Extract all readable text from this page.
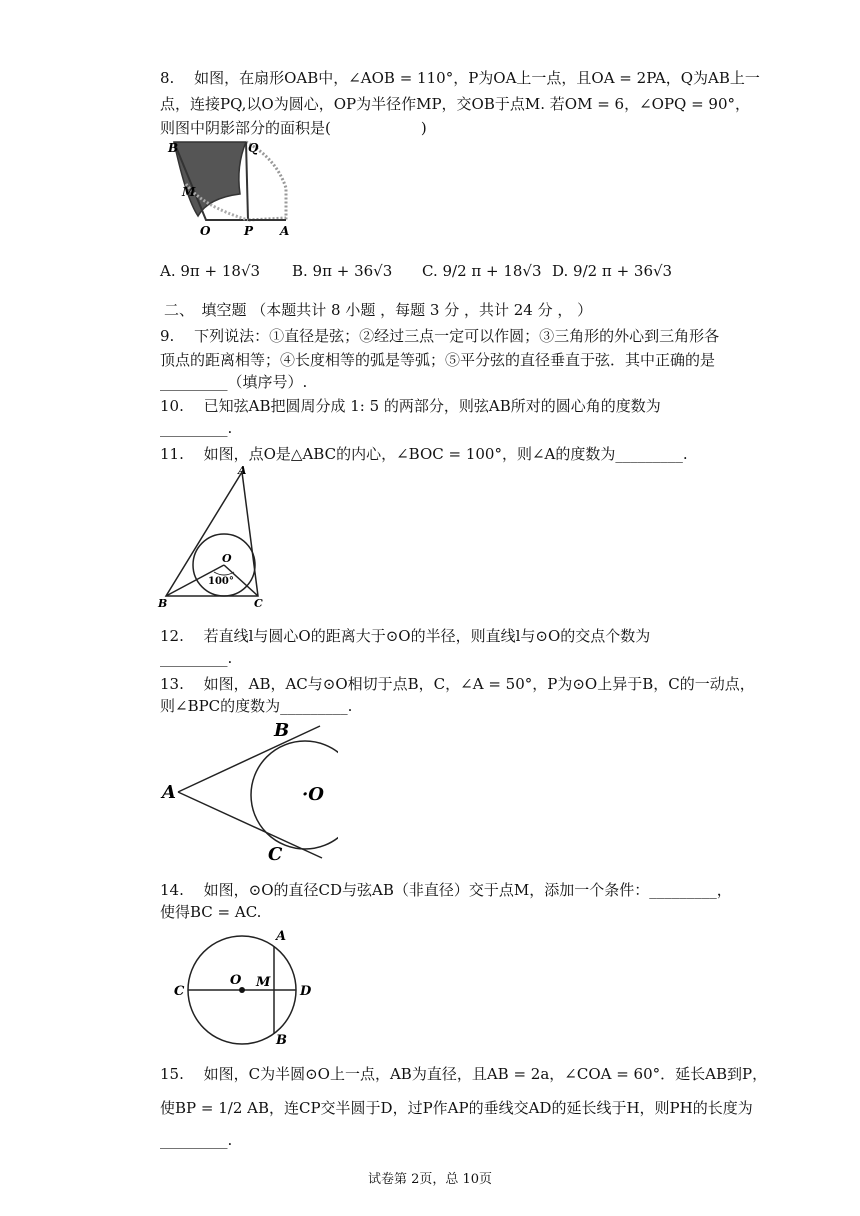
8.　 如图，在扇形OAB中，∠AOB = 110°，P为OA上一点，且OA = 2PA，Q为AB上一
点，连接PQ,以O为圆心，OP为半径作MP，交OB于点M. 若OM = 6，∠OPQ = 90°，
则图中阴影部分的面积是(　　　　　　)
B	Q
M
O	P A
A. 9π + 18√3 B. 9π + 36√3 C. 9/2 π + 18√3 D. 9/2 π + 36√3
二、　填空题 （本题共计 8 小题 ，每题 3 分 ，共计 24 分 ， ）
9.　 下列说法：①直径是弦；②经过三点一定可以作圆；③三角形的外心到三角形各
顶点的距离相等；④长度相等的弧是等弧；⑤平分弦的直径垂直于弦．其中正确的是
_________（填序号）.
10.　 已知弦AB把圆周分成 1: 5 的两部分，则弦AB所对的圆心角的度数为
_________.
11.　 如图，点O是△ABC的内心，∠BOC = 100°，则∠A的度数为_________.
A
B	C
O
100°
12.　 若直线l与圆心O的距离大于⊙O的半径，则直线l与⊙O的交点个数为
_________.
13.　 如图，AB，AC与⊙O相切于点B，C，∠A = 50°，P为⊙O上异于B，C的一动点，
则∠BPC的度数为_________.
A
B
C
·O
14.　 如图，⊙O的直径CD与弦AB（非直径）交于点M，添加一个条件：_________，
使得BC = AC.
C	D
A
B
O M
15.　 如图，C为半圆⊙O上一点，AB为直径，且AB = 2a，∠COA = 60°．延长AB到P，
使BP = 1/2 AB，连CP交半圆于D，过P作AP的垂线交AD的延长线于H，则PH的长度为
_________.
试卷第 2页，总 10页
